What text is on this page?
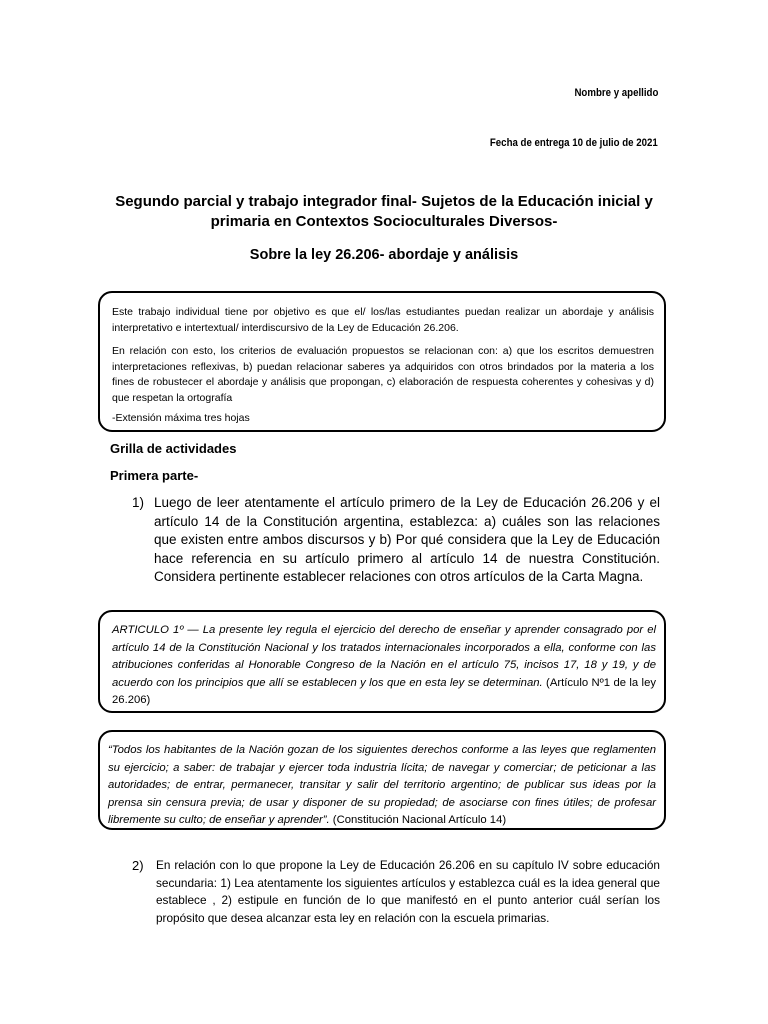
Nombre y apellido
Fecha de entrega 10 de julio de 2021
Segundo parcial y trabajo integrador final- Sujetos de la Educación inicial y primaria en Contextos Socioculturales Diversos-
Sobre la ley 26.206- abordaje y análisis

Este trabajo individual tiene por objetivo es que el/ los/las estudiantes puedan realizar un abordaje y análisis interpretativo e intertextual/ interdiscursivo de la Ley de Educación 26.206.

En relación con esto, los criterios de evaluación propuestos se relacionan con: a) que los escritos demuestren interpretaciones reflexivas, b) puedan relacionar saberes ya adquiridos con otros brindados por la materia a los fines de robustecer el abordaje y análisis que propongan, c) elaboración de respuesta coherentes y cohesivas y d) que respetan la ortografía

-Extensión máxima tres hojas

Grilla de actividades
Primera parte-
1) Luego de leer atentamente el artículo primero de la Ley de Educación 26.206 y el artículo 14 de la Constitución argentina, establezca: a) cuáles son las relaciones que existen entre ambos discursos y b) Por qué considera que la Ley de Educación hace referencia en su artículo primero al artículo 14 de nuestra Constitución. Considera pertinente establecer relaciones con otros artículos de la Carta Magna.
ARTICULO 1º — La presente ley regula el ejercicio del derecho de enseñar y aprender consagrado por el artículo 14 de la Constitución Nacional y los tratados internacionales incorporados a ella, conforme con las atribuciones conferidas al Honorable Congreso de la Nación en el artículo 75, incisos 17, 18 y 19, y de acuerdo con los principios que allí se establecen y los que en esta ley se determinan. (Artículo Nº1 de la ley 26.206)
“Todos los habitantes de la Nación gozan de los siguientes derechos conforme a las leyes que reglamenten su ejercicio; a saber: de trabajar y ejercer toda industria lícita; de navegar y comerciar; de peticionar a las autoridades; de entrar, permanecer, transitar y salir del territorio argentino; de publicar sus ideas por la prensa sin censura previa; de usar y disponer de su propiedad; de asociarse con fines útiles; de profesar libremente su culto; de enseñar y aprender”. (Constitución Nacional Artículo 14)
2) En relación con lo que propone la Ley de Educación 26.206 en su capítulo IV sobre educación secundaria: 1) Lea atentamente los siguientes artículos y establezca cuál es la idea general que establece , 2) estipule en función de lo que manifestó en el punto anterior cuál serían los propósito que desea alcanzar esta ley en relación con la escuela primarias.
